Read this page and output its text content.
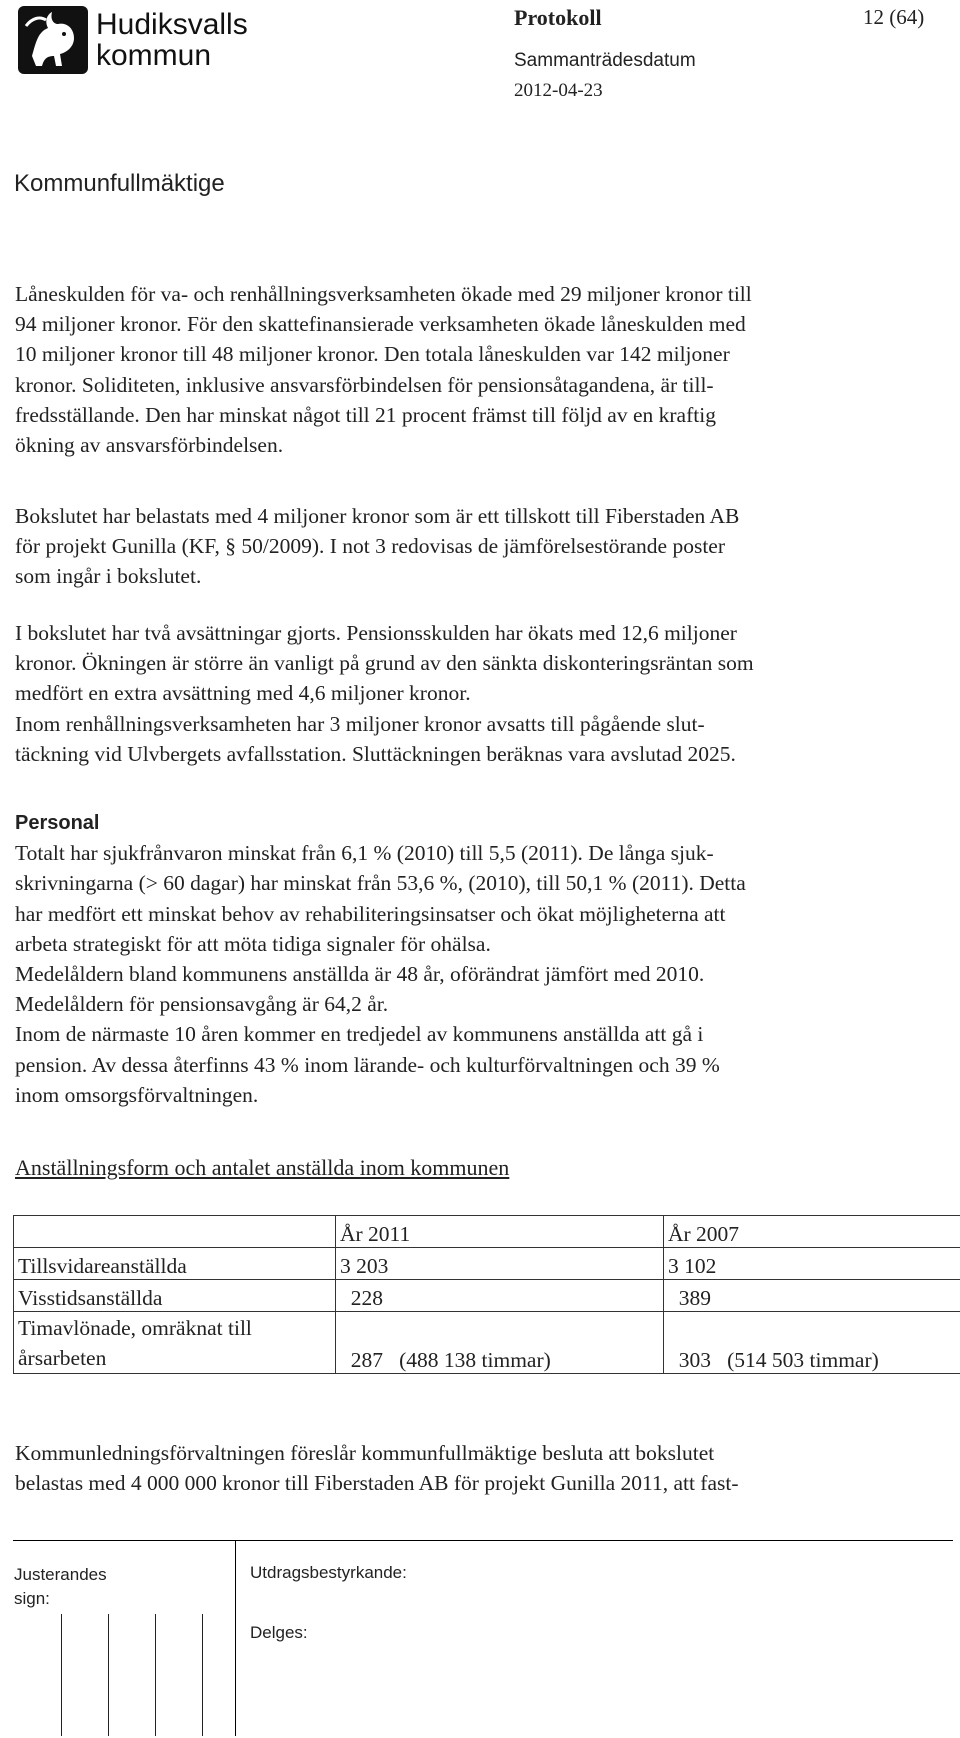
Hudiksvalls
kommun
Protokoll	12 (64)
Sammanträdesdatum
2012-04-23
Kommunfullmäktige
Låneskulden för va- och renhållningsverksamheten ökade med 29 miljoner kronor till
94 miljoner kronor. För den skattefinansierade verksamheten ökade låneskulden med
10 miljoner kronor till 48 miljoner kronor. Den totala låneskulden var 142 miljoner
kronor. Soliditeten, inklusive ansvarsförbindelsen för pensionsåtagandena, är till-
fredsställande. Den har minskat något till 21 procent främst till följd av en kraftig
ökning av ansvarsförbindelsen.
Bokslutet har belastats med 4 miljoner kronor som är ett tillskott till Fiberstaden AB
för projekt Gunilla (KF, § 50/2009). I not 3 redovisas de jämförelsestörande poster
som ingår i bokslutet.
I bokslutet har två avsättningar gjorts. Pensionsskulden har ökats med 12,6 miljoner
kronor. Ökningen är större än vanligt på grund av den sänkta diskonteringsräntan som
medfört en extra avsättning med 4,6 miljoner kronor.
Inom renhållningsverksamheten har 3 miljoner kronor avsatts till pågående slut-
täckning vid Ulvbergets avfallsstation. Sluttäckningen beräknas vara avslutad 2025.
Personal
Totalt har sjukfrånvaron minskat från 6,1 % (2010) till 5,5 (2011). De långa sjuk-
skrivningarna (> 60 dagar) har minskat från 53,6 %, (2010), till 50,1 % (2011). Detta
har medfört ett minskat behov av rehabiliteringsinsatser och ökat möjligheterna att
arbeta strategiskt för att möta tidiga signaler för ohälsa.
Medelåldern bland kommunens anställda är 48 år, oförändrat jämfört med 2010.
Medelåldern för pensionsavgång är 64,2 år.
Inom de närmaste 10 åren kommer en tredjedel av kommunens anställda att gå i
pension. Av dessa återfinns 43 % inom lärande- och kulturförvaltningen och 39 %
inom omsorgsförvaltningen.
Anställningsform och antalet anställda inom kommunen
	År 2011	År 2007
Tillsvidareanställda	3 203	3 102
Visstidsanställda	228	389

Timavlönade, omräknat till
årsarbeten	287   (488 138 timmar)	303   (514 503 timmar)
Kommunledningsförvaltningen föreslår kommunfullmäktige besluta att bokslutet
belastas med 4 000 000 kronor till Fiberstaden AB för projekt Gunilla 2011, att fast-
Justerandes
sign:
Utdragsbestyrkande:
Delges:
